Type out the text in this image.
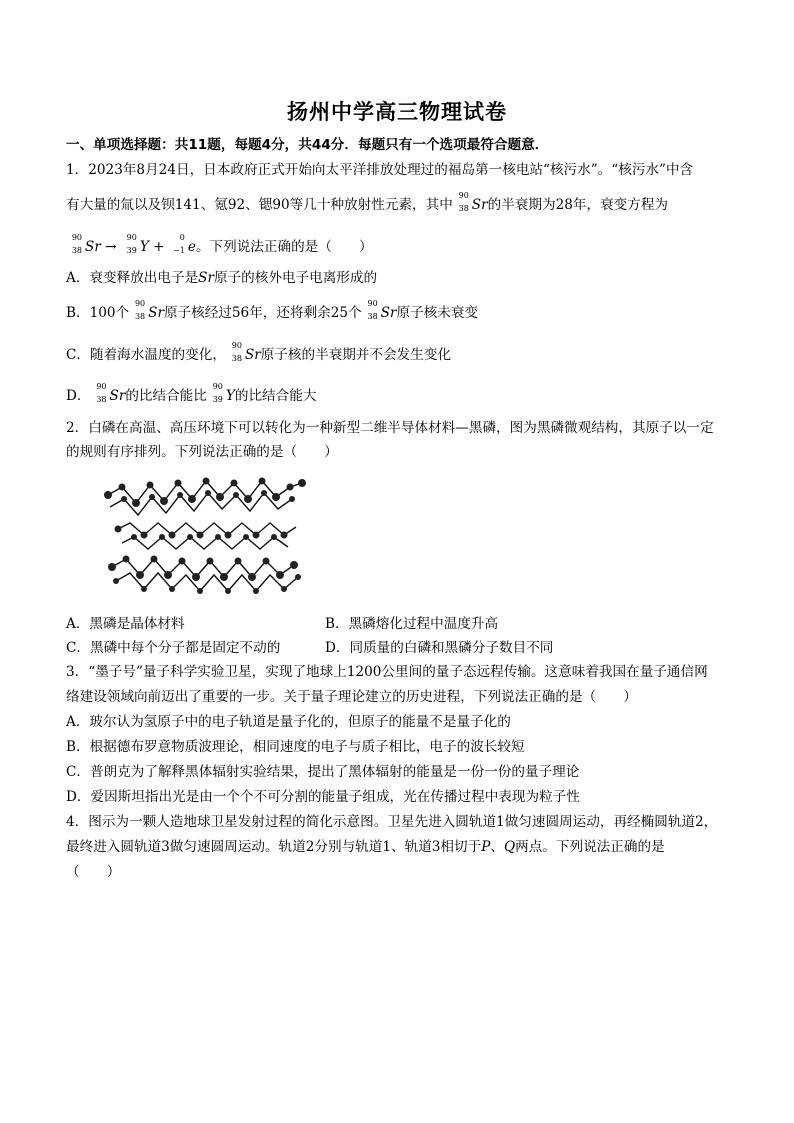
扬州中学高三物理试卷
一、单项选择题：共11题，每题4分，共44分．每题只有一个选项最符合题意．
1．2023年8月24日，日本政府正式开始向太平洋排放处理过的福岛第一核电站“核污水”。“核污水”中含
有大量的氚以及钡141、氪92、锶90等几十种放射性元素，其中
90
38 Sr的半衰期为28年，衰变方程为
90
38 Sr →
90
39 Y +
0
−1 e。下列说法正确的是（　　）
A．衰变释放出电子是Sr原子的核外电子电离形成的
B．100个
90
38 Sr原子核经过56年，还将剩余25个
90
38 Sr原子核未衰变
C．随着海水温度的变化，
90
38 Sr原子核的半衰期并不会发生变化
D．
90
38 Sr的比结合能比
90
39 Y的比结合能大
2．白磷在高温、高压环境下可以转化为一种新型二维半导体材料—黑磷，图为黑磷微观结构，其原子以一定
的规则有序排列。下列说法正确的是（　　）
A．黑磷是晶体材料	B．黑磷熔化过程中温度升高
C．黑磷中每个分子都是固定不动的	D．同质量的白磷和黑磷分子数目不同
3．“墨子号”量子科学实验卫星，实现了地球上1200公里间的量子态远程传输。这意味着我国在量子通信网
络建设领域向前迈出了重要的一步。关于量子理论建立的历史进程，下列说法正确的是（　　）
A．玻尔认为氢原子中的电子轨道是量子化的，但原子的能量不是量子化的
B．根据德布罗意物质波理论，相同速度的电子与质子相比，电子的波长较短
C．普朗克为了解释黑体辐射实验结果，提出了黑体辐射的能量是一份一份的量子理论
D．爱因斯坦指出光是由一个个不可分割的能量子组成，光在传播过程中表现为粒子性
4．图示为一颗人造地球卫星发射过程的简化示意图。卫星先进入圆轨道1做匀速圆周运动，再经椭圆轨道2，
最终进入圆轨道3做匀速圆周运动。轨道2分别与轨道1、轨道3相切于P、Q两点。下列说法正确的是
（　　）
